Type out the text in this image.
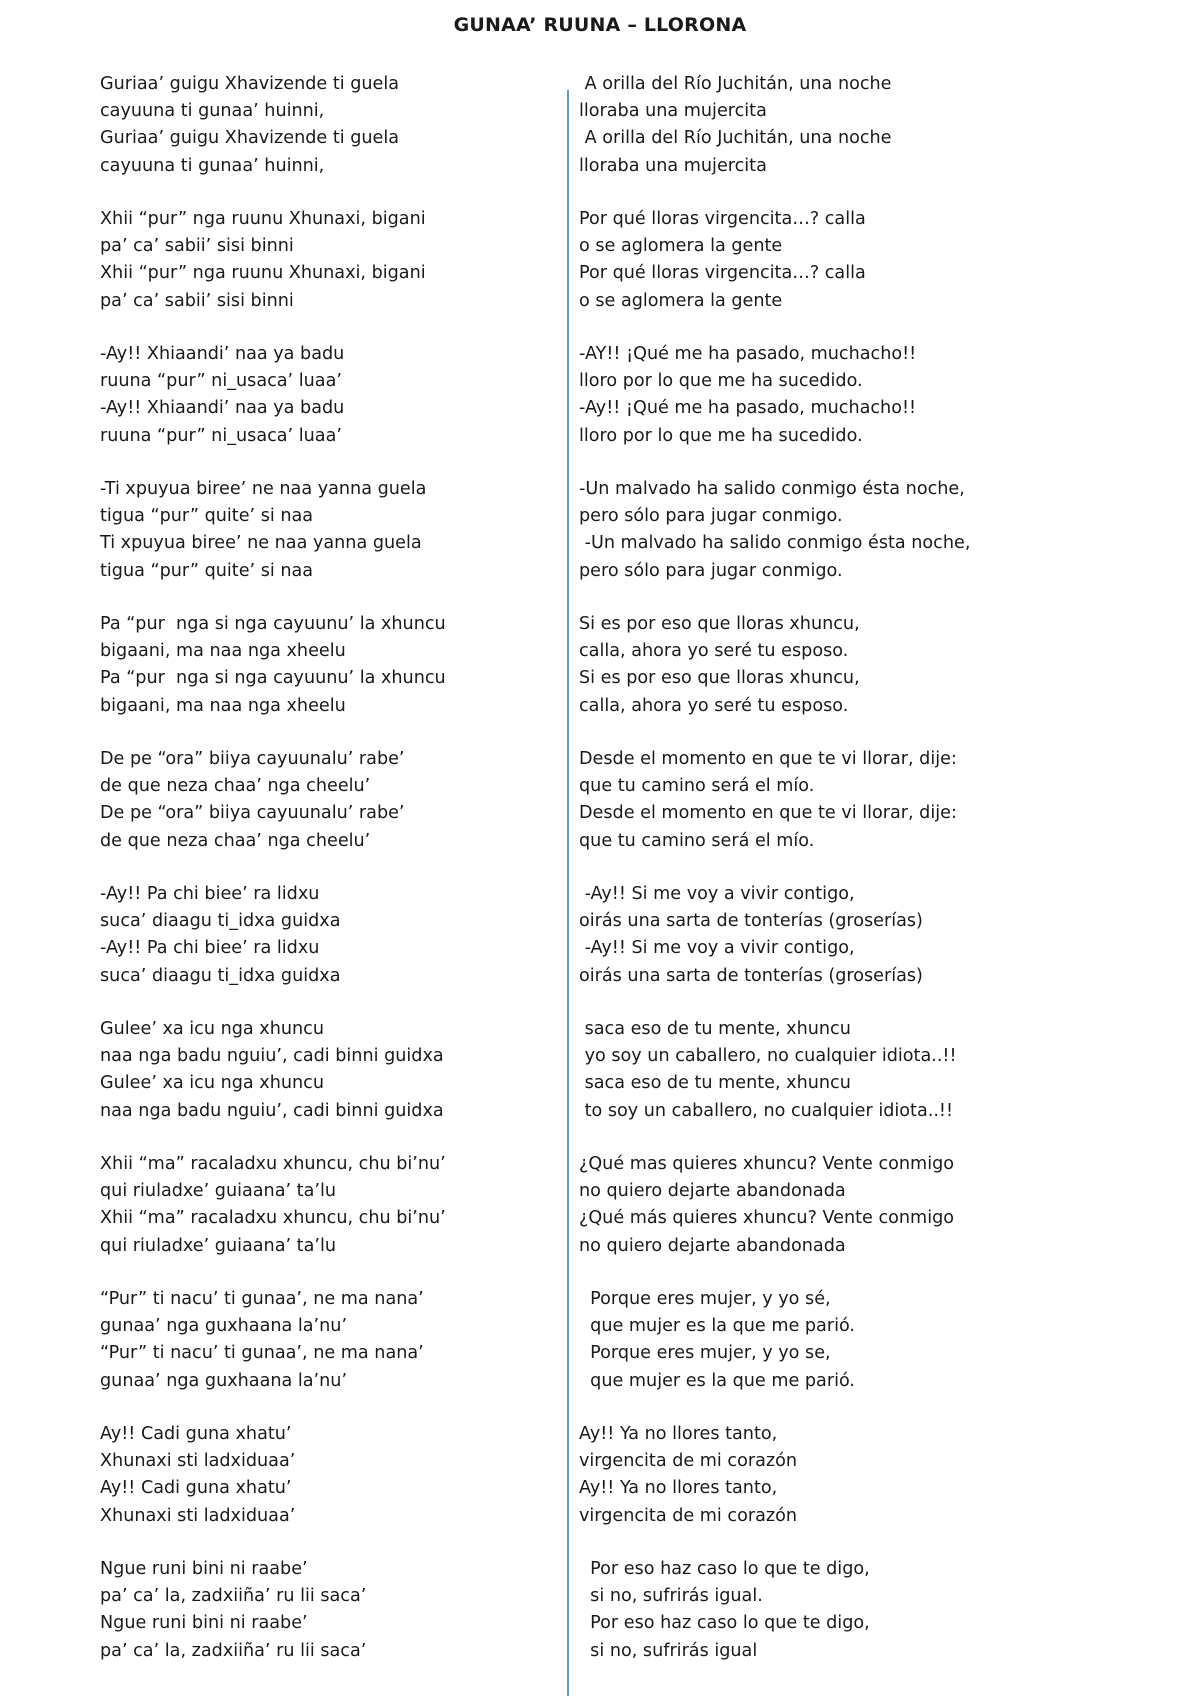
GUNAA’ RUUNA – LLORONA
Guriaa’ guigu Xhavizende ti guela
cayuuna ti gunaa’ huinni,
Guriaa’ guigu Xhavizende ti guela
cayuuna ti gunaa’ huinni,
Xhii “pur” nga ruunu Xhunaxi, bigani
pa’ ca’ sabii’ sisi binni
Xhii “pur” nga ruunu Xhunaxi, bigani
pa’ ca’ sabii’ sisi binni
-Ay!! Xhiaandi’ naa ya badu
ruuna “pur” ni_usaca’ luaa’
-Ay!! Xhiaandi’ naa ya badu
ruuna “pur” ni_usaca’ luaa’
-Ti xpuyua biree’ ne naa yanna guela
tigua “pur” quite’ si naa
Ti xpuyua biree’ ne naa yanna guela
tigua “pur” quite’ si naa
Pa “pur  nga si nga cayuunu’ la xhuncu
bigaani, ma naa nga xheelu
Pa “pur  nga si nga cayuunu’ la xhuncu
bigaani, ma naa nga xheelu
De pe “ora” biiya cayuunalu’ rabe’
de que neza chaa’ nga cheelu’
De pe “ora” biiya cayuunalu’ rabe’
de que neza chaa’ nga cheelu’
-Ay!! Pa chi biee’ ra lidxu
suca’ diaagu ti_idxa guidxa
-Ay!! Pa chi biee’ ra lidxu
suca’ diaagu ti_idxa guidxa
Gulee’ xa icu nga xhuncu
naa nga badu nguiu’, cadi binni guidxa
Gulee’ xa icu nga xhuncu
naa nga badu nguiu’, cadi binni guidxa
Xhii “ma” racaladxu xhuncu, chu bi’nu’
qui riuladxe’ guiaana’ ta’lu
Xhii “ma” racaladxu xhuncu, chu bi’nu’
qui riuladxe’ guiaana’ ta’lu
“Pur” ti nacu’ ti gunaa’, ne ma nana’
gunaa’ nga guxhaana la’nu’
“Pur” ti nacu’ ti gunaa’, ne ma nana’
gunaa’ nga guxhaana la’nu’
Ay!! Cadi guna xhatu’
Xhunaxi sti ladxiduaa’
Ay!! Cadi guna xhatu’
Xhunaxi sti ladxiduaa’
Ngue runi bini ni raabe’
pa’ ca’ la, zadxiiña’ ru lii saca’
Ngue runi bini ni raabe’
pa’ ca’ la, zadxiiña’ ru lii saca’
A orilla del Río Juchitán, una noche
lloraba una mujercita
A orilla del Río Juchitán, una noche
lloraba una mujercita
Por qué lloras virgencita…? calla
o se aglomera la gente
Por qué lloras virgencita…? calla
o se aglomera la gente
-AY!! ¡Qué me ha pasado, muchacho!!
lloro por lo que me ha sucedido.
-Ay!! ¡Qué me ha pasado, muchacho!!
lloro por lo que me ha sucedido.
-Un malvado ha salido conmigo ésta noche,
pero sólo para jugar conmigo.
-Un malvado ha salido conmigo ésta noche,
pero sólo para jugar conmigo.
Si es por eso que lloras xhuncu,
calla, ahora yo seré tu esposo.
Si es por eso que lloras xhuncu,
calla, ahora yo seré tu esposo.
Desde el momento en que te vi llorar, dije:
que tu camino será el mío.
Desde el momento en que te vi llorar, dije:
que tu camino será el mío.
-Ay!! Si me voy a vivir contigo,
oirás una sarta de tonterías (groserías)
-Ay!! Si me voy a vivir contigo,
oirás una sarta de tonterías (groserías)
saca eso de tu mente, xhuncu
yo soy un caballero, no cualquier idiota..!!
saca eso de tu mente, xhuncu
to soy un caballero, no cualquier idiota..!!
¿Qué mas quieres xhuncu? Vente conmigo
no quiero dejarte abandonada
¿Qué más quieres xhuncu? Vente conmigo
no quiero dejarte abandonada
Porque eres mujer, y yo sé,
que mujer es la que me parió.
Porque eres mujer, y yo se,
que mujer es la que me parió.
Ay!! Ya no llores tanto,
virgencita de mi corazón
Ay!! Ya no llores tanto,
virgencita de mi corazón
Por eso haz caso lo que te digo,
si no, sufrirás igual.
Por eso haz caso lo que te digo,
si no, sufrirás igual
